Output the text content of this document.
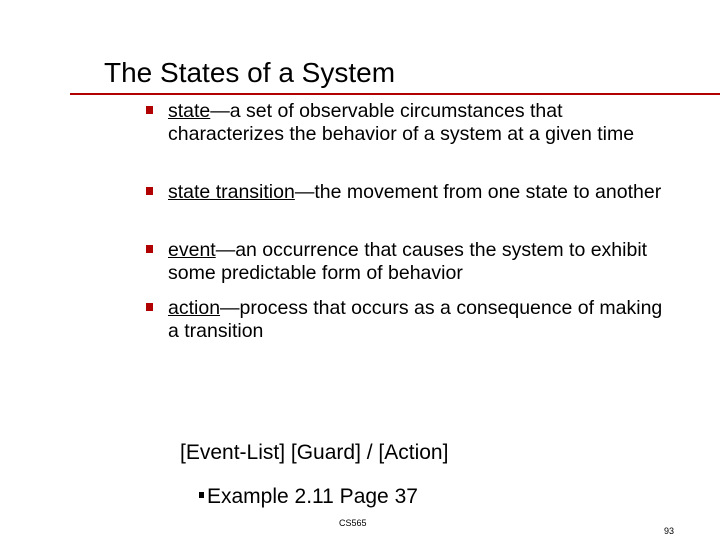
The States of a System
state—a set of observable circumstances that characterizes the behavior of a system at a given time
state transition—the movement from one state to another
event—an occurrence that causes the system to exhibit some predictable form of behavior
action—process that occurs as a consequence of making a transition
[Event-List] [Guard] / [Action]
Example 2.11 Page 37
CS565
93
